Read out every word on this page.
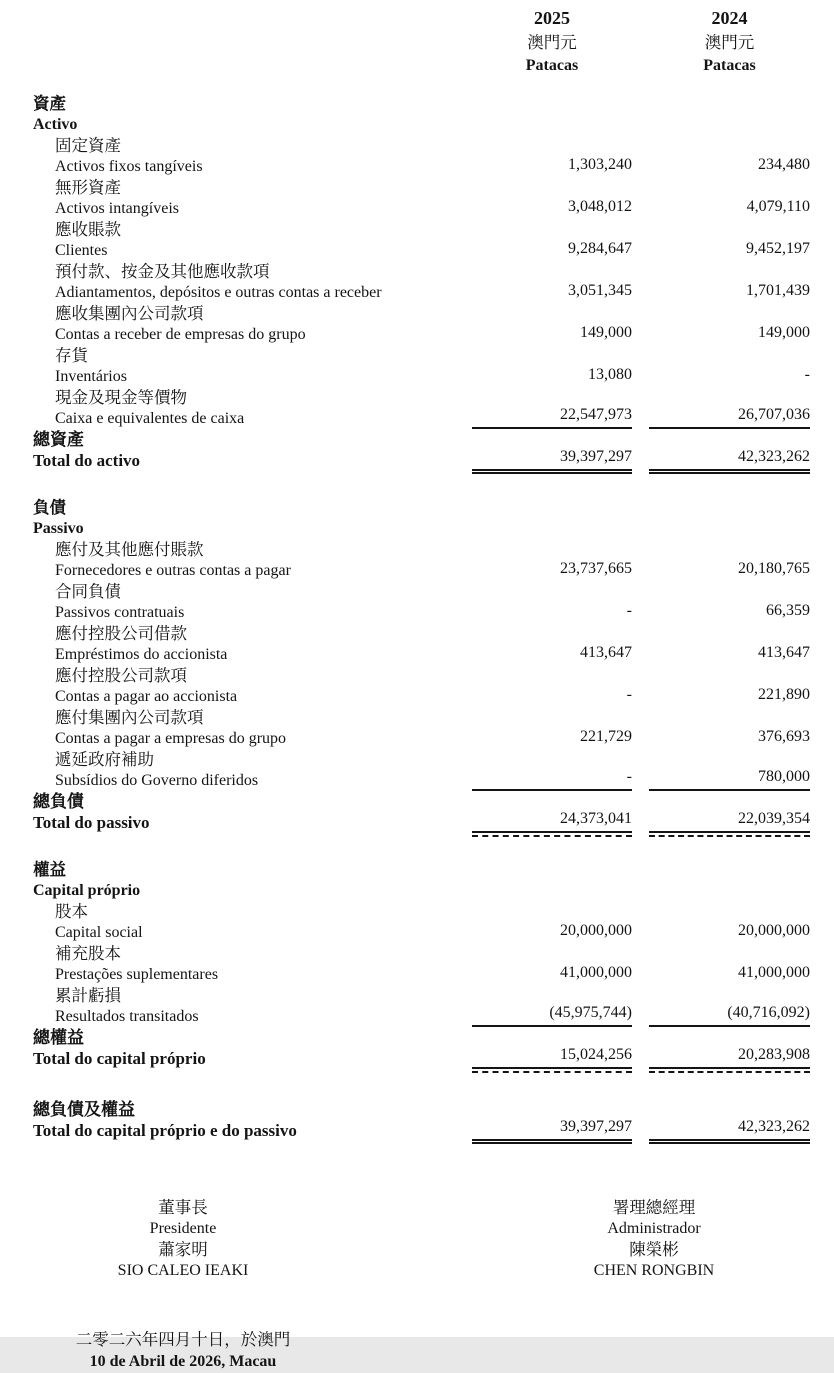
2025
澳門元
Patacas
2024
澳門元
Patacas
資產
Activo
固定資產
Activos fixos tangíveis	1,303,240	234,480
無形資產
Activos intangíveis	3,048,012	4,079,110
應收賬款
Clientes	9,284,647	9,452,197
預付款、按金及其他應收款項
Adiantamentos, depósitos e outras contas a receber	3,051,345	1,701,439
應收集團內公司款項
Contas a receber de empresas do grupo	149,000	149,000
存貨
Inventários	13,080	-
現金及現金等價物
Caixa e equivalentes de caixa	22,547,973	26,707,036
總資產
Total do activo	39,397,297	42,323,262
負債
Passivo
應付及其他應付賬款
Fornecedores e outras contas a pagar	23,737,665	20,180,765
合同負債
Passivos contratuais	-	66,359
應付控股公司借款
Empréstimos do accionista	413,647	413,647
應付控股公司款項
Contas a pagar ao accionista	-	221,890
應付集團內公司款項
Contas a pagar a empresas do grupo	221,729	376,693
遞延政府補助
Subsídios do Governo diferidos	-	780,000
總負債
Total do passivo	24,373,041	22,039,354
權益
Capital próprio
股本
Capital social	20,000,000	20,000,000
補充股本
Prestações suplementares	41,000,000	41,000,000
累計虧損
Resultados transitados	(45,975,744)	(40,716,092)
總權益
Total do capital próprio	15,024,256	20,283,908
總負債及權益
Total do capital próprio e do passivo	39,397,297	42,323,262
董事長
Presidente
蕭家明
SIO CALEO IEAKI
署理總經理
Administrador
陳榮彬
CHEN RONGBIN
二零二六年四月十日，於澳門
10 de Abril de 2026, Macau
